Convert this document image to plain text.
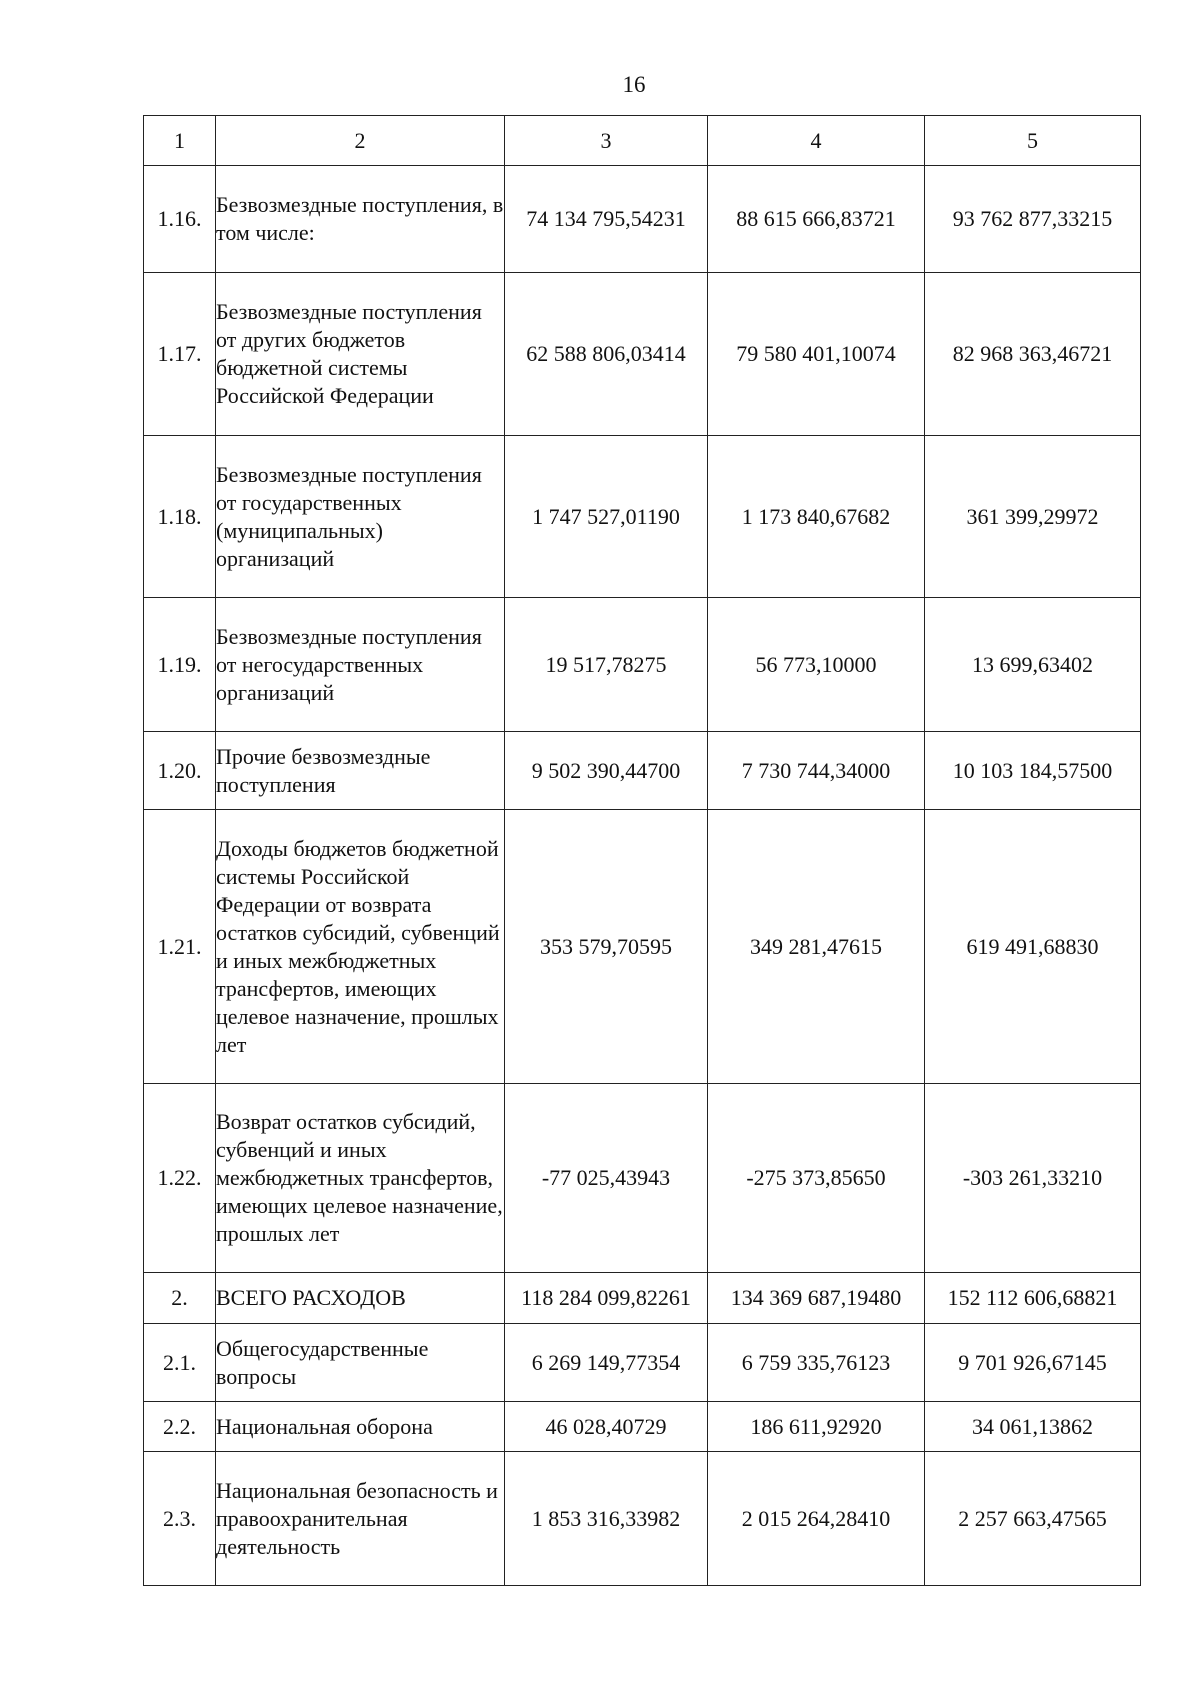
16
1	2	3	4	5
1.16.	Безвозмездные поступления, в том числе:	74 134 795,54231	88 615 666,83721	93 762 877,33215
1.17.	Безвозмездные поступления от других бюджетов бюджетной системы Российской Федерации	62 588 806,03414	79 580 401,10074	82 968 363,46721
1.18.	Безвозмездные поступления от государственных (муниципальных) организаций	1 747 527,01190	1 173 840,67682	361 399,29972
1.19.	Безвозмездные поступления от негосударственных организаций	19 517,78275	56 773,10000	13 699,63402
1.20.	Прочие безвозмездные поступления	9 502 390,44700	7 730 744,34000	10 103 184,57500
1.21.	Доходы бюджетов бюджетной системы Российской Федерации от возврата остатков субсидий, субвенций и иных межбюджетных трансфертов, имеющих целевое назначение, прошлых лет	353 579,70595	349 281,47615	619 491,68830
1.22.	Возврат остатков субсидий, субвенций и иных межбюджетных трансфертов, имеющих целевое назначение, прошлых лет	-77 025,43943	-275 373,85650	-303 261,33210
2.	ВСЕГО РАСХОДОВ	118 284 099,82261	134 369 687,19480	152 112 606,68821
2.1.	Общегосударственные вопросы	6 269 149,77354	6 759 335,76123	9 701 926,67145
2.2.	Национальная оборона	46 028,40729	186 611,92920	34 061,13862
2.3.	Национальная безопасность и правоохранительная деятельность	1 853 316,33982	2 015 264,28410	2 257 663,47565
